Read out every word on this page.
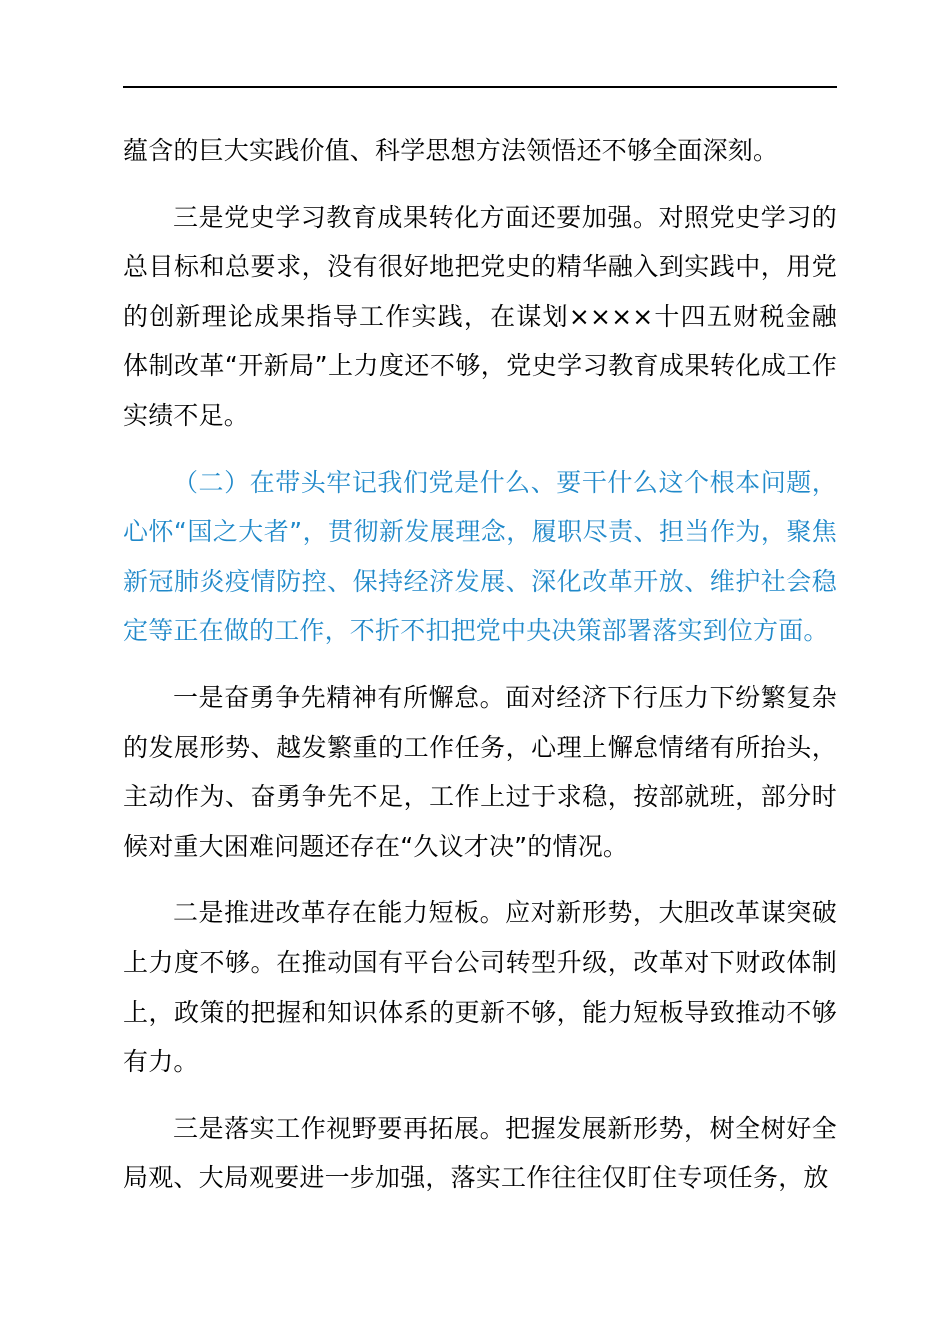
蕴含的巨大实践价值、科学思想方法领悟还不够全面深刻。

三是党史学习教育成果转化方面还要加强。对照党史学习的总目标和总要求，没有很好地把党史的精华融入到实践中，用党的创新理论成果指导工作实践，在谋划××××十四五财税金融体制改革“开新局”上力度还不够，党史学习教育成果转化成工作实绩不足。

（二）在带头牢记我们党是什么、要干什么这个根本问题，心怀“国之大者”，贯彻新发展理念，履职尽责、担当作为，聚焦新冠肺炎疫情防控、保持经济发展、深化改革开放、维护社会稳定等正在做的工作，不折不扣把党中央决策部署落实到位方面。

一是奋勇争先精神有所懈怠。面对经济下行压力下纷繁复杂的发展形势、越发繁重的工作任务，心理上懈怠情绪有所抬头，主动作为、奋勇争先不足，工作上过于求稳，按部就班，部分时候对重大困难问题还存在“久议才决”的情况。

二是推进改革存在能力短板。应对新形势，大胆改革谋突破上力度不够。在推动国有平台公司转型升级，改革对下财政体制上，政策的把握和知识体系的更新不够，能力短板导致推动不够有力。

三是落实工作视野要再拓展。把握发展新形势，树全树好全局观、大局观要进一步加强，落实工作往往仅盯住专项任务，放
